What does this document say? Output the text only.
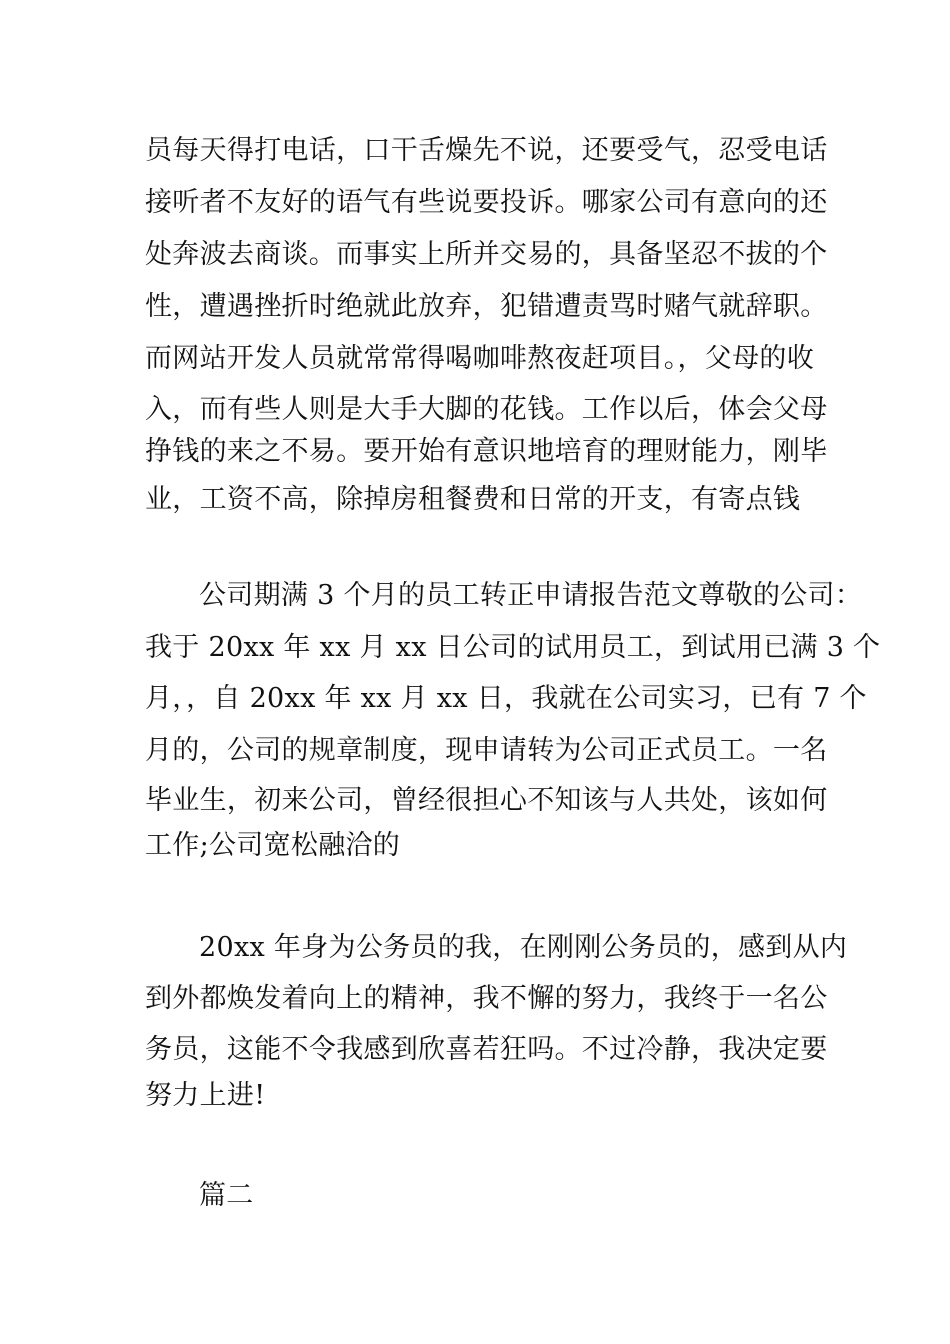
员每天得打电话，口干舌燥先不说，还要受气，忍受电话

接听者不友好的语气有些说要投诉。哪家公司有意向的还

处奔波去商谈。而事实上所并交易的，具备坚忍不拔的个

性，遭遇挫折时绝就此放弃，犯错遭责骂时赌气就辞职。

而网站开发人员就常常得喝咖啡熬夜赶项目。，父母的收

入，而有些人则是大手大脚的花钱。工作以后，体会父母

挣钱的来之不易。要开始有意识地培育的理财能力，刚毕

业，工资不高，除掉房租餐费和日常的开支，有寄点钱

公司期满 3 个月的员工转正申请报告范文尊敬的公司：

我于 20xx 年 xx 月 xx 日公司的试用员工，到试用已满 3 个

月，，自 20xx 年 xx 月 xx 日，我就在公司实习，已有 7 个

月的，公司的规章制度，现申请转为公司正式员工。一名

毕业生，初来公司，曾经很担心不知该与人共处，该如何

工作;公司宽松融洽的

20xx 年身为公务员的我，在刚刚公务员的，感到从内

到外都焕发着向上的精神，我不懈的努力，我终于一名公

务员，这能不令我感到欣喜若狂吗。不过冷静，我决定要

努力上进!

篇二
